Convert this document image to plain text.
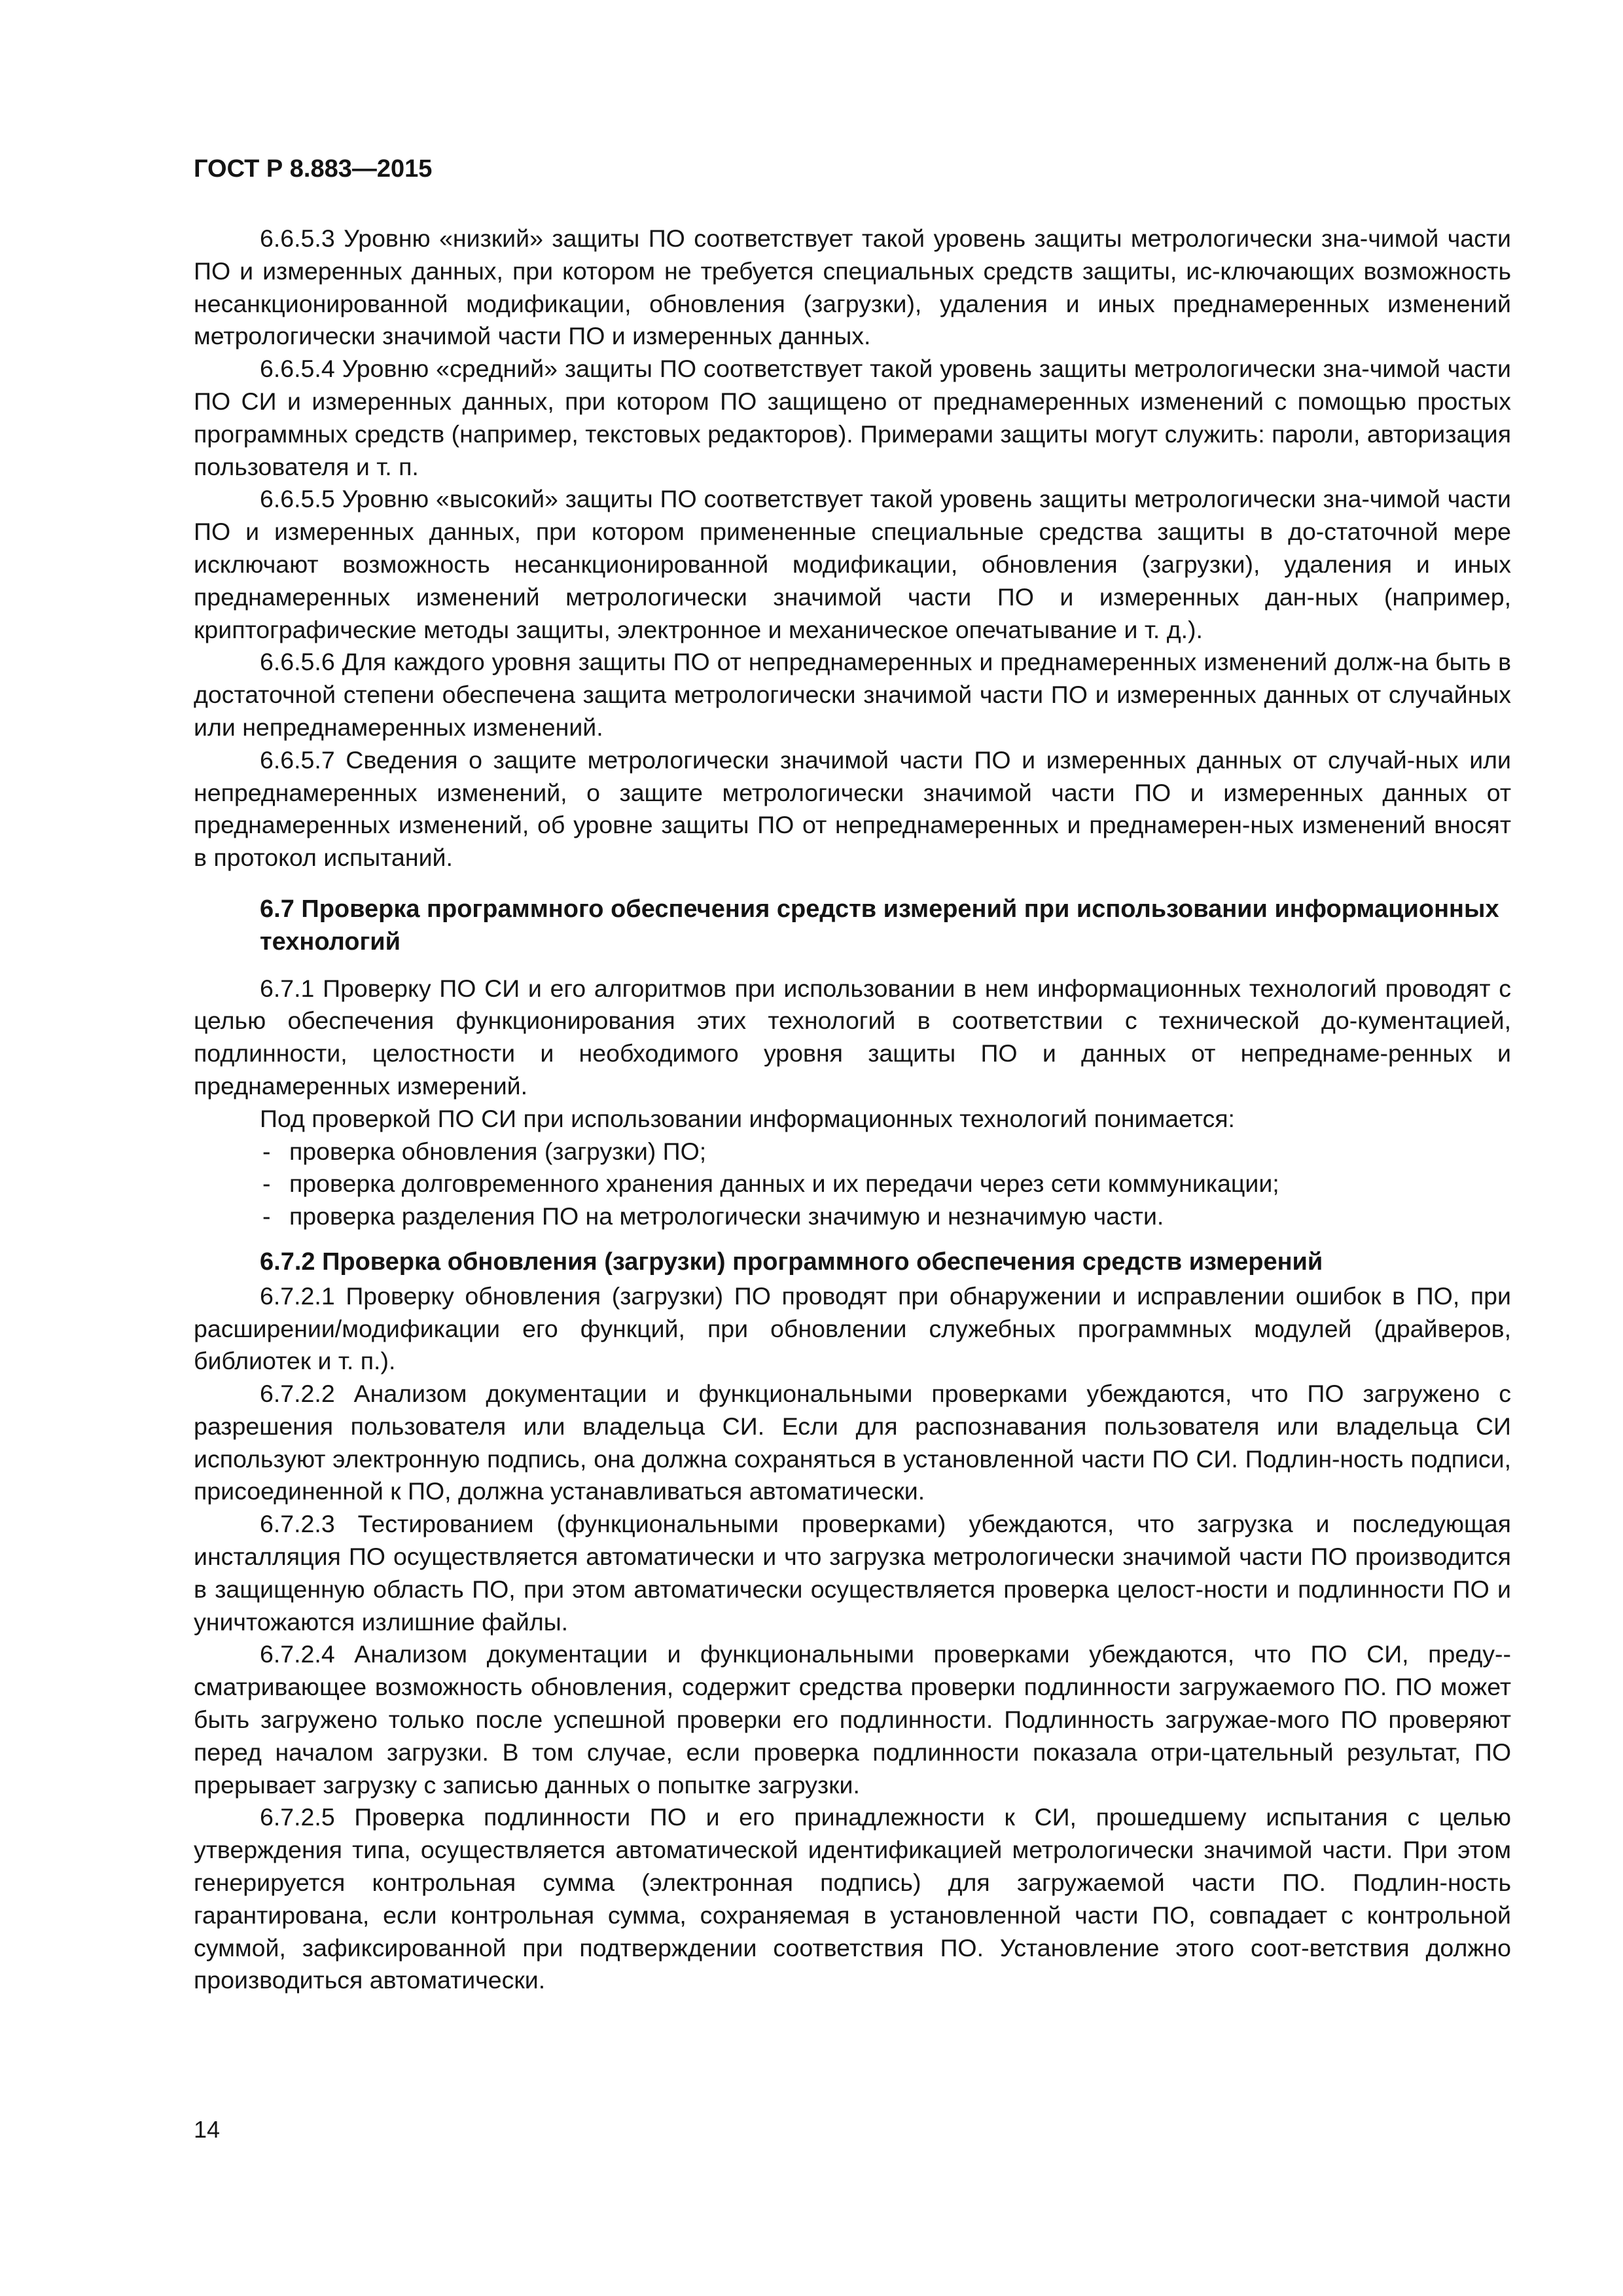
ГОСТ Р 8.883—2015

6.6.5.3 Уровню «низкий» защиты ПО соответствует такой уровень защиты метрологически зна-чимой части ПО и измеренных данных, при котором не требуется специальных средств защиты, ис-ключающих возможность несанкционированной модификации, обновления (загрузки), удаления и иных преднамеренных изменений метрологически значимой части ПО и измеренных данных.

6.6.5.4 Уровню «средний» защиты ПО соответствует такой уровень защиты метрологически зна-чимой части ПО СИ и измеренных данных, при котором ПО защищено от преднамеренных изменений с помощью простых программных средств (например, текстовых редакторов). Примерами защиты могут служить: пароли, авторизация пользователя и т. п.

6.6.5.5 Уровню «высокий» защиты ПО соответствует такой уровень защиты метрологически зна-чимой части ПО и измеренных данных, при котором примененные специальные средства защиты в до-статочной мере исключают возможность несанкционированной модификации, обновления (загрузки), удаления и иных преднамеренных изменений метрологически значимой части ПО и измеренных дан-ных (например, криптографические методы защиты, электронное и механическое опечатывание и т. д.).

6.6.5.6 Для каждого уровня защиты ПО от непреднамеренных и преднамеренных изменений долж-на быть в достаточной степени обеспечена защита метрологически значимой части ПО и измеренных данных от случайных или непреднамеренных изменений.

6.6.5.7 Сведения о защите метрологически значимой части ПО и измеренных данных от случай-ных или непреднамеренных изменений, о защите метрологически значимой части ПО и измеренных данных от преднамеренных изменений, об уровне защиты ПО от непреднамеренных и преднамерен-ных изменений вносят в протокол испытаний.

6.7 Проверка программного обеспечения средств измерений при использовании информационных технологий

6.7.1 Проверку ПО СИ и его алгоритмов при использовании в нем информационных технологий проводят с целью обеспечения функционирования этих технологий в соответствии с технической до-кументацией, подлинности, целостности и необходимого уровня защиты ПО и данных от непреднаме-ренных и преднамеренных измерений.

Под проверкой ПО СИ при использовании информационных технологий понимается:

- проверка обновления (загрузки) ПО;
- проверка долговременного хранения данных и их передачи через сети коммуникации;
- проверка разделения ПО на метрологически значимую и незначимую части.
6.7.2 Проверка обновления (загрузки) программного обеспечения средств измерений

6.7.2.1 Проверку обновления (загрузки) ПО проводят при обнаружении и исправлении ошибок в ПО, при расширении/модификации его функций, при обновлении служебных программных модулей (драйверов, библиотек и т. п.).

6.7.2.2 Анализом документации и функциональными проверками убеждаются, что ПО загружено с разрешения пользователя или владельца СИ. Если для распознавания пользователя или владельца СИ используют электронную подпись, она должна сохраняться в установленной части ПО СИ. Подлин-ность подписи, присоединенной к ПО, должна устанавливаться автоматически.

6.7.2.3 Тестированием (функциональными проверками) убеждаются, что загрузка и последующая инсталляция ПО осуществляется автоматически и что загрузка метрологически значимой части ПО производится в защищенную область ПО, при этом автоматически осуществляется проверка целост-ности и подлинности ПО и уничтожаются излишние файлы.

6.7.2.4 Анализом документации и функциональными проверками убеждаются, что ПО СИ, преду-сматривающее возможность обновления, содержит средства проверки подлинности загружаемого ПО. ПО может быть загружено только после успешной проверки его подлинности. Подлинность загружае-мого ПО проверяют перед началом загрузки. В том случае, если проверка подлинности показала отри-цательный результат, ПО прерывает загрузку с записью данных о попытке загрузки.

6.7.2.5 Проверка подлинности ПО и его принадлежности к СИ, прошедшему испытания с целью утверждения типа, осуществляется автоматической идентификацией метрологически значимой части. При этом генерируется контрольная сумма (электронная подпись) для загружаемой части ПО. Подлин-ность гарантирована, если контрольная сумма, сохраняемая в установленной части ПО, совпадает с контрольной суммой, зафиксированной при подтверждении соответствия ПО. Установление этого соот-ветствия должно производиться автоматически.

14
